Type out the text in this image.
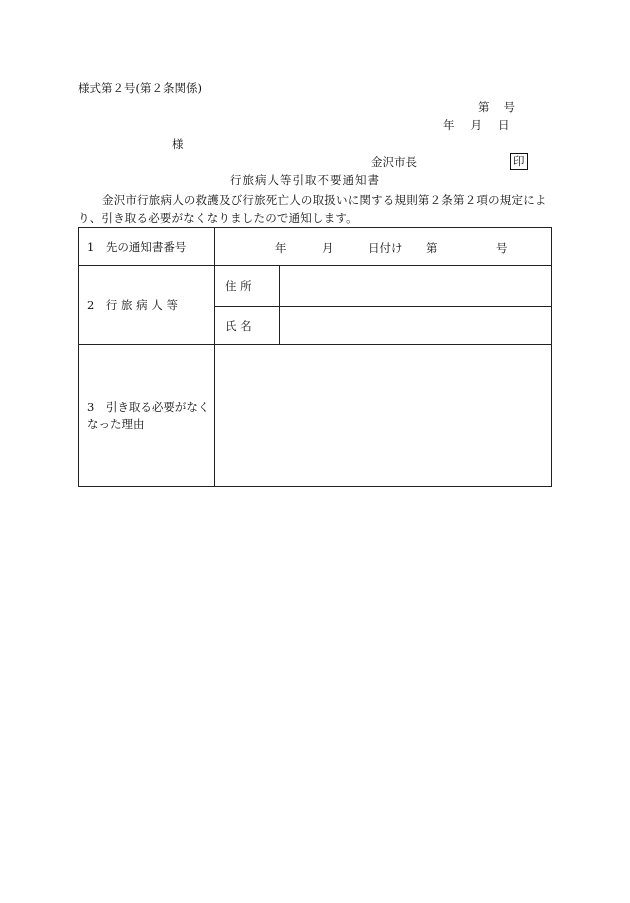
様式第２号(第２条関係)
第 号
年 月 日
様
金沢市長	印
行旅病人等引取不要通知書
金沢市行旅病人の救護及び行旅死亡人の取扱いに関する規則第２条第２項の規定により、引き取る必要がなくなりましたので通知します。
1　先の通知書番号	年 月 日付け 第 号	

2　行 旅 病 人 等	住 所	
	氏 名	
3　引き取る必要がなくなった理由		
